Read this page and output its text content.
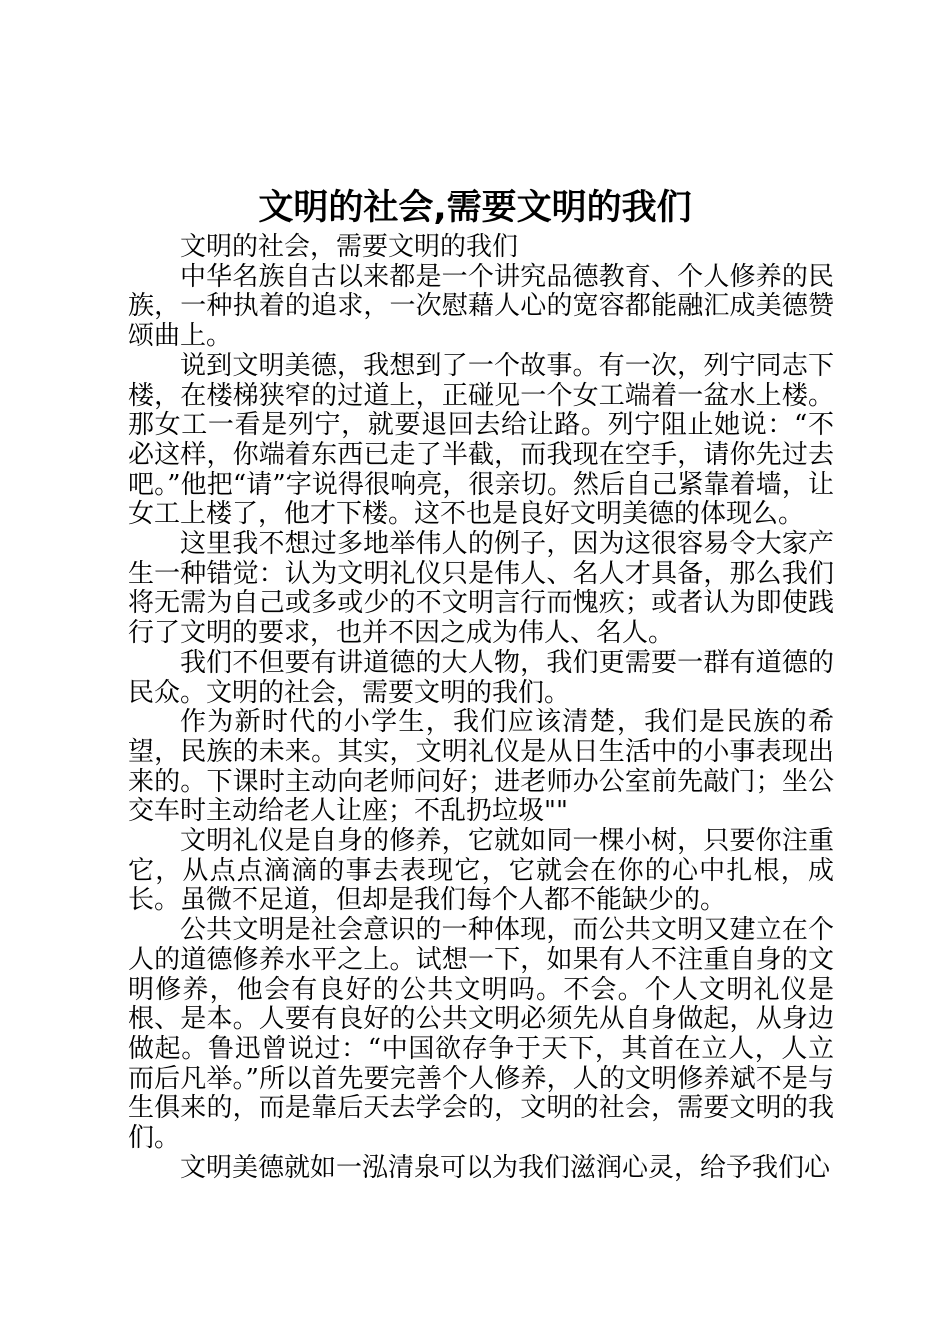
文明的社会,需要文明的我们

文明的社会，需要文明的我们

中华名族自古以来都是一个讲究品德教育、个人修养的民族，一种执着的追求，一次慰藉人心的宽容都能融汇成美德赞颂曲上。

说到文明美德，我想到了一个故事。有一次，列宁同志下楼，在楼梯狭窄的过道上，正碰见一个女工端着一盆水上楼。那女工一看是列宁，就要退回去给让路。列宁阻止她说：“不必这样，你端着东西已走了半截，而我现在空手，请你先过去吧。”他把“请”字说得很响亮，很亲切。然后自己紧靠着墙，让女工上楼了，他才下楼。这不也是良好文明美德的体现么。

这里我不想过多地举伟人的例子，因为这很容易令大家产生一种错觉：认为文明礼仪只是伟人、名人才具备，那么我们将无需为自己或多或少的不文明言行而愧疚；或者认为即使践行了文明的要求，也并不因之成为伟人、名人。

我们不但要有讲道德的大人物，我们更需要一群有道德的民众。文明的社会，需要文明的我们。

作为新时代的小学生，我们应该清楚，我们是民族的希望，民族的未来。其实，文明礼仪是从日生活中的小事表现出来的。下课时主动向老师问好；进老师办公室前先敲门；坐公交车时主动给老人让座；不乱扔垃圾""

文明礼仪是自身的修养，它就如同一棵小树，只要你注重它，从点点滴滴的事去表现它，它就会在你的心中扎根，成长。虽微不足道，但却是我们每个人都不能缺少的。

公共文明是社会意识的一种体现，而公共文明又建立在个人的道德修养水平之上。试想一下，如果有人不注重自身的文明修养，他会有良好的公共文明吗。不会。个人文明礼仪是根、是本。人要有良好的公共文明必须先从自身做起，从身边做起。鲁迅曾说过：“中国欲存争于天下，其首在立人，人立而后凡举。”所以首先要完善个人修养，人的文明修养斌不是与生俱来的，而是靠后天去学会的，文明的社会，需要文明的我们。

文明美德就如一泓清泉可以为我们滋润心灵，给予我们心
